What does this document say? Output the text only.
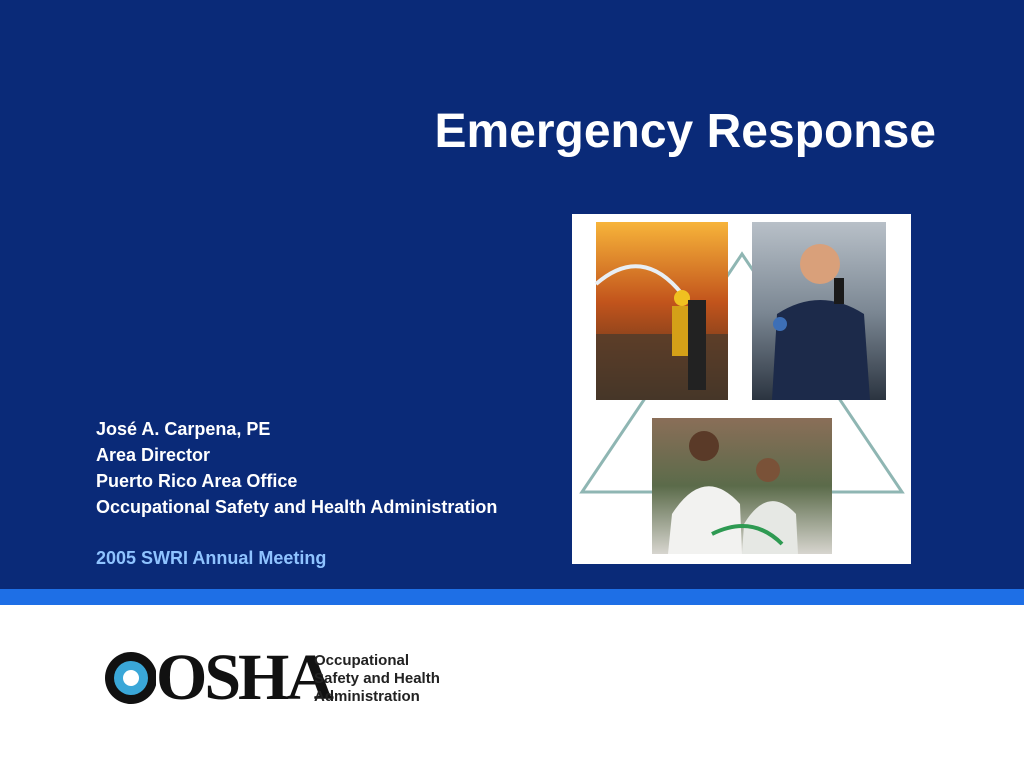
Emergency Response
José A. Carpena, PE
Area Director
Puerto Rico Area Office
Occupational Safety and Health Administration
2005 SWRI Annual Meeting
OSHA
Occupational
Safety and Health
Administration
